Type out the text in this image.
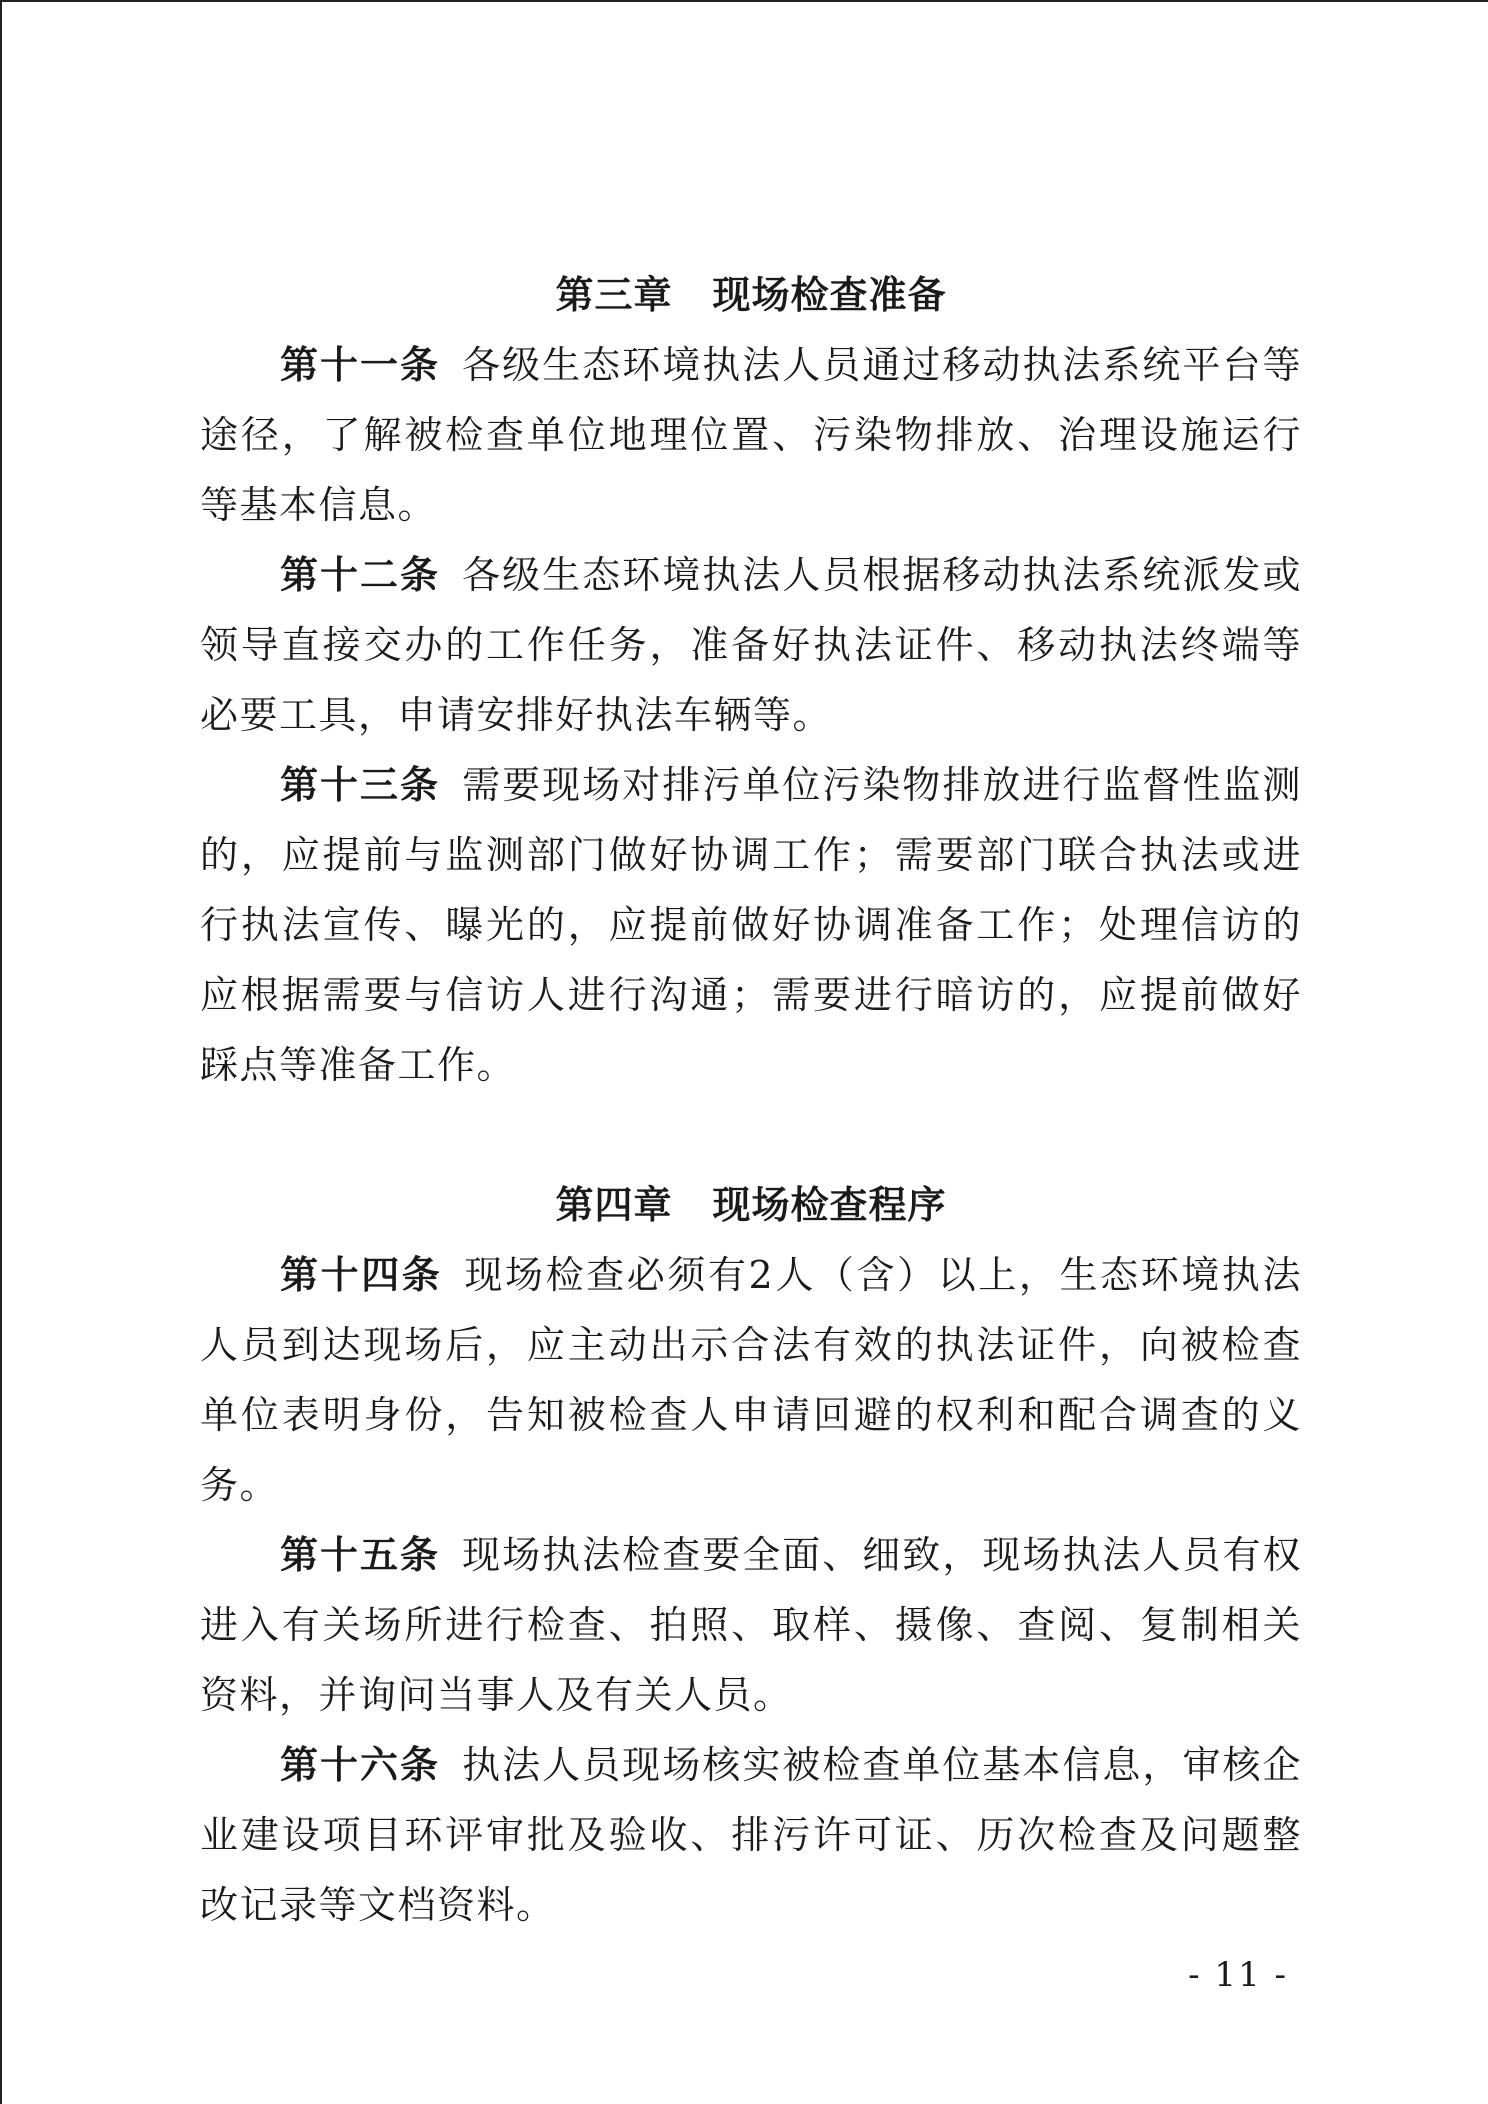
第三章 现场检查准备

第十一条 各级生态环境执法人员通过移动执法系统平台等途径，了解被检查单位地理位置、污染物排放、治理设施运行等基本信息。

第十二条 各级生态环境执法人员根据移动执法系统派发或领导直接交办的工作任务，准备好执法证件、移动执法终端等必要工具，申请安排好执法车辆等。

第十三条 需要现场对排污单位污染物排放进行监督性监测的，应提前与监测部门做好协调工作；需要部门联合执法或进行执法宣传、曝光的，应提前做好协调准备工作；处理信访的应根据需要与信访人进行沟通；需要进行暗访的，应提前做好踩点等准备工作。

第四章 现场检查程序

第十四条 现场检查必须有2人（含）以上，生态环境执法人员到达现场后，应主动出示合法有效的执法证件，向被检查单位表明身份，告知被检查人申请回避的权利和配合调查的义务。

第十五条 现场执法检查要全面、细致，现场执法人员有权进入有关场所进行检查、拍照、取样、摄像、查阅、复制相关资料，并询问当事人及有关人员。

第十六条 执法人员现场核实被检查单位基本信息，审核企业建设项目环评审批及验收、排污许可证、历次检查及问题整改记录等文档资料。

- 11 -
